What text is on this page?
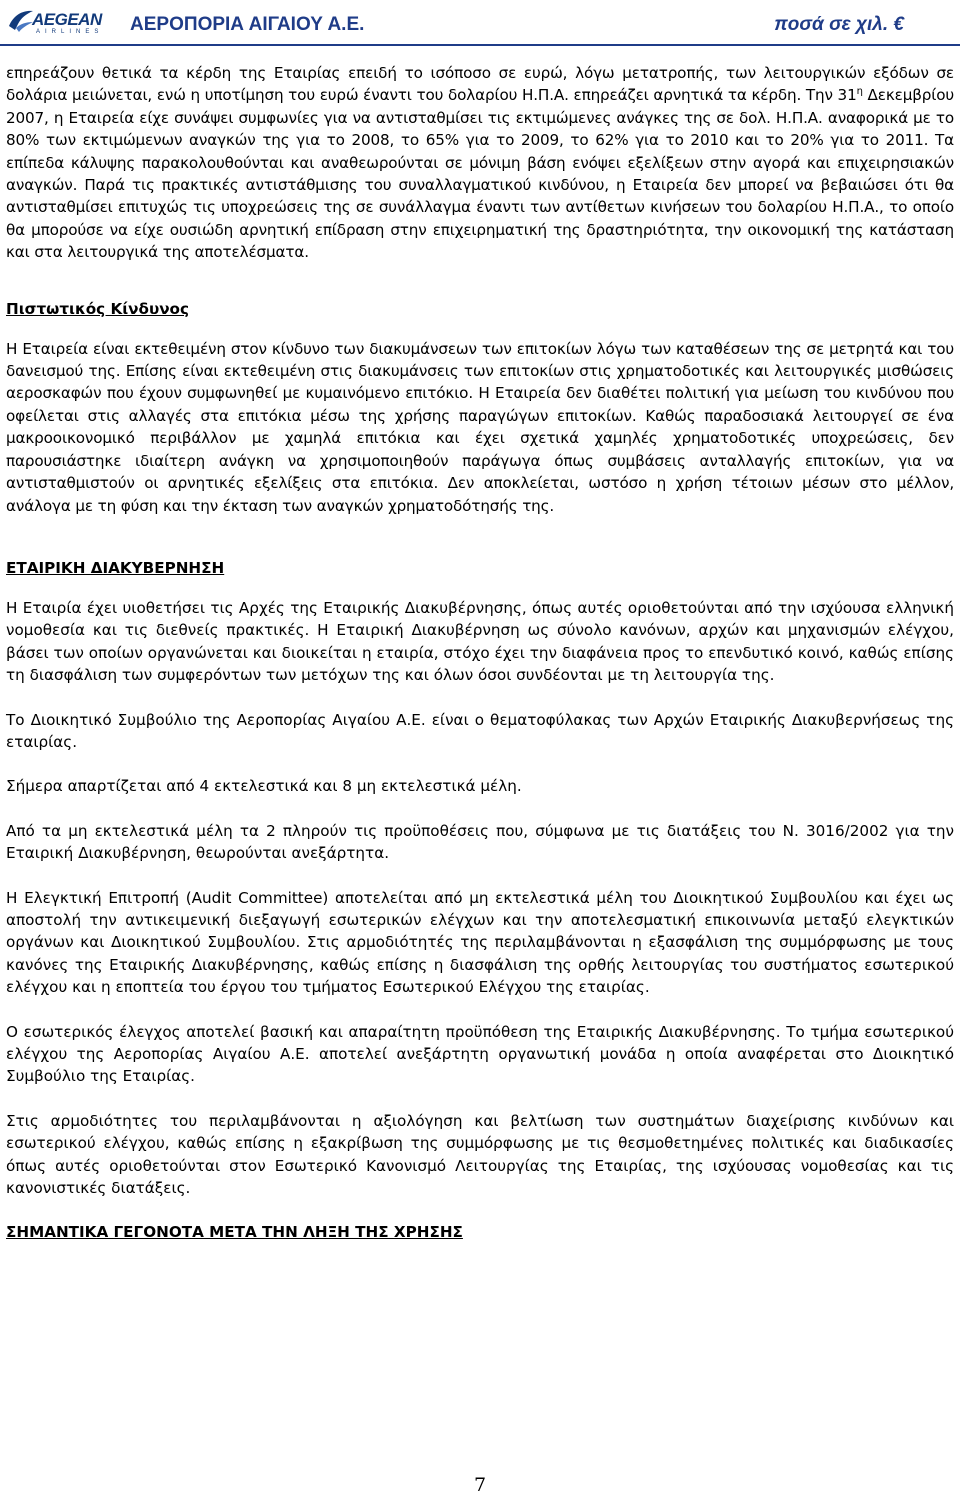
AEGEAN
AIRLINES ΑΕΡΟΠΟΡΙΑ ΑΙΓΑΙΟΥ Α.Ε.	ποσά σε χιλ. €

επηρεάζουν θετικά τα κέρδη της Εταιρίας επειδή το ισόποσο σε ευρώ, λόγω μετατροπής, των λειτουργικών εξόδων σε δολάρια μειώνεται, ενώ η υποτίμηση του ευρώ έναντι του δολαρίου Η.Π.Α. επηρεάζει αρνητικά τα κέρδη. Την $31^\eta$ Δεκεμβρίου 2007, η Εταιρεία είχε συνάψει συμφωνίες για να αντισταθμίσει τις εκτιμώμενες ανάγκες της σε δολ. Η.Π.Α. αναφορικά με το 80% των εκτιμώμενων αναγκών της για το 2008, το 65% για το 2009, το 62% για το 2010 και το 20% για το 2011. Τα επίπεδα κάλυψης παρακολουθούνται και αναθεωρούνται σε μόνιμη βάση ενόψει εξελίξεων στην αγορά και επιχειρησιακών αναγκών. Παρά τις πρακτικές αντιστάθμισης του συναλλαγματικού κινδύνου, η Εταιρεία δεν μπορεί να βεβαιώσει ότι θα αντισταθμίσει επιτυχώς τις υποχρεώσεις της σε συνάλλαγμα έναντι των αντίθετων κινήσεων του δολαρίου Η.Π.Α., το οποίο θα μπορούσε να είχε ουσιώδη αρνητική επίδραση στην επιχειρηματική της δραστηριότητα, την οικονομική της κατάσταση και στα λειτουργικά της αποτελέσματα.

Πιστωτικός Κίνδυνος

Η Εταιρεία είναι εκτεθειμένη στον κίνδυνο των διακυμάνσεων των επιτοκίων λόγω των καταθέσεων της σε μετρητά και του δανεισμού της. Επίσης είναι εκτεθειμένη στις διακυμάνσεις των επιτοκίων στις χρηματοδοτικές και λειτουργικές μισθώσεις αεροσκαφών που έχουν συμφωνηθεί με κυμαινόμενο επιτόκιο. Η Εταιρεία δεν διαθέτει πολιτική για μείωση του κινδύνου που οφείλεται στις αλλαγές στα επιτόκια μέσω της χρήσης παραγώγων επιτοκίων. Καθώς παραδοσιακά λειτουργεί σε ένα μακροοικονομικό περιβάλλον με χαμηλά επιτόκια και έχει σχετικά χαμηλές χρηματοδοτικές υποχρεώσεις, δεν παρουσιάστηκε ιδιαίτερη ανάγκη να χρησιμοποιηθούν παράγωγα όπως συμβάσεις ανταλλαγής επιτοκίων, για να αντισταθμιστούν οι αρνητικές εξελίξεις στα επιτόκια. Δεν αποκλείεται, ωστόσο η χρήση τέτοιων μέσων στο μέλλον, ανάλογα με τη φύση και την έκταση των αναγκών χρηματοδότησής της.

ΕΤΑΙΡΙΚΗ ΔΙΑΚΥΒΕΡΝΗΣΗ

Η Εταιρία έχει υιοθετήσει τις Αρχές της Εταιρικής Διακυβέρνησης, όπως αυτές οριοθετούνται από την ισχύουσα ελληνική νομοθεσία και τις διεθνείς πρακτικές. Η Εταιρική Διακυβέρνηση ως σύνολο κανόνων, αρχών και μηχανισμών ελέγχου, βάσει των οποίων οργανώνεται και διοικείται η εταιρία, στόχο έχει την διαφάνεια προς το επενδυτικό κοινό, καθώς επίσης τη διασφάλιση των συμφερόντων των μετόχων της και όλων όσοι συνδέονται με τη λειτουργία της.

Το Διοικητικό Συμβούλιο της Αεροπορίας Αιγαίου Α.Ε. είναι ο θεματοφύλακας των Αρχών Εταιρικής Διακυβερνήσεως της εταιρίας.

Σήμερα απαρτίζεται από 4 εκτελεστικά και 8 μη εκτελεστικά μέλη.

Από τα μη εκτελεστικά μέλη τα 2 πληρούν τις προϋποθέσεις που, σύμφωνα με τις διατάξεις του Ν. 3016/2002 για την Εταιρική Διακυβέρνηση, θεωρούνται ανεξάρτητα.

Η Ελεγκτική Επιτροπή (Audit Committee) αποτελείται από μη εκτελεστικά μέλη του Διοικητικού Συμβουλίου και έχει ως αποστολή την αντικειμενική διεξαγωγή εσωτερικών ελέγχων και την αποτελεσματική επικοινωνία μεταξύ ελεγκτικών οργάνων και Διοικητικού Συμβουλίου. Στις αρμοδιότητές της περιλαμβάνονται η εξασφάλιση της συμμόρφωσης με τους κανόνες της Εταιρικής Διακυβέρνησης, καθώς επίσης η διασφάλιση της ορθής λειτουργίας του συστήματος εσωτερικού ελέγχου και η εποπτεία του έργου του τμήματος Εσωτερικού Ελέγχου της εταιρίας.

Ο εσωτερικός έλεγχος αποτελεί βασική και απαραίτητη προϋπόθεση της Εταιρικής Διακυβέρνησης. Το τμήμα εσωτερικού ελέγχου της Αεροπορίας Αιγαίου Α.Ε. αποτελεί ανεξάρτητη οργανωτική μονάδα η οποία αναφέρεται στο Διοικητικό Συμβούλιο της Εταιρίας.

Στις αρμοδιότητες του περιλαμβάνονται η αξιολόγηση και βελτίωση των συστημάτων διαχείρισης κινδύνων και εσωτερικού ελέγχου, καθώς επίσης η εξακρίβωση της συμμόρφωσης με τις θεσμοθετημένες πολιτικές και διαδικασίες όπως αυτές οριοθετούνται στον Εσωτερικό Κανονισμό Λειτουργίας της Εταιρίας, της ισχύουσας νομοθεσίας και τις κανονιστικές διατάξεις.

ΣΗΜΑΝΤΙΚΑ ΓΕΓΟΝΟΤΑ ΜΕΤΑ ΤΗΝ ΛΗΞΗ ΤΗΣ ΧΡΗΣΗΣ
7
